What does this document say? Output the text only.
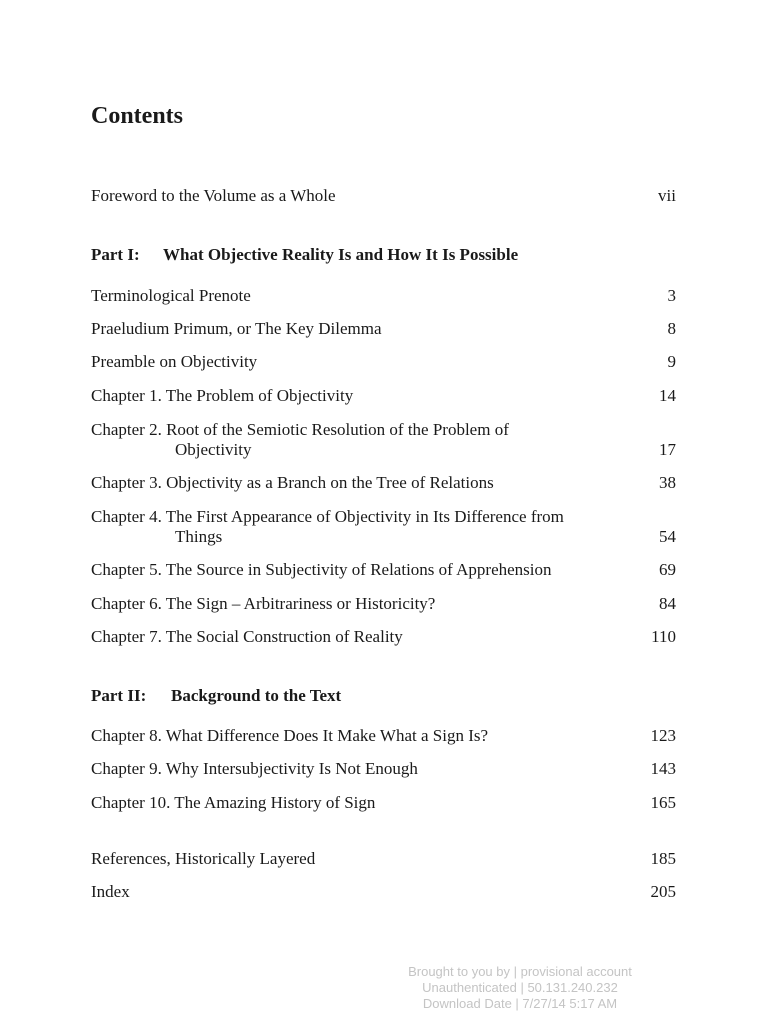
Contents
Foreword to the Volume as a Whole	vii
Part I: What Objective Reality Is and How It Is Possible
Terminological Prenote	3
Praeludium Primum, or The Key Dilemma	8
Preamble on Objectivity	9
Chapter 1. The Problem of Objectivity	14
Chapter 2. Root of the Semiotic Resolution of the Problem of
Objectivity	17
Chapter 3. Objectivity as a Branch on the Tree of Relations	38
Chapter 4. The First Appearance of Objectivity in Its Difference from
Things	54
Chapter 5. The Source in Subjectivity of Relations of Apprehension	69
Chapter 6. The Sign – Arbitrariness or Historicity?	84
Chapter 7. The Social Construction of Reality	110
Part II: Background to the Text
Chapter 8. What Difference Does It Make What a Sign Is?	123
Chapter 9. Why Intersubjectivity Is Not Enough	143
Chapter 10. The Amazing History of Sign	165
References, Historically Layered	185
Index	205
Brought to you by | provisional account
Unauthenticated | 50.131.240.232
Download Date | 7/27/14 5:17 AM
